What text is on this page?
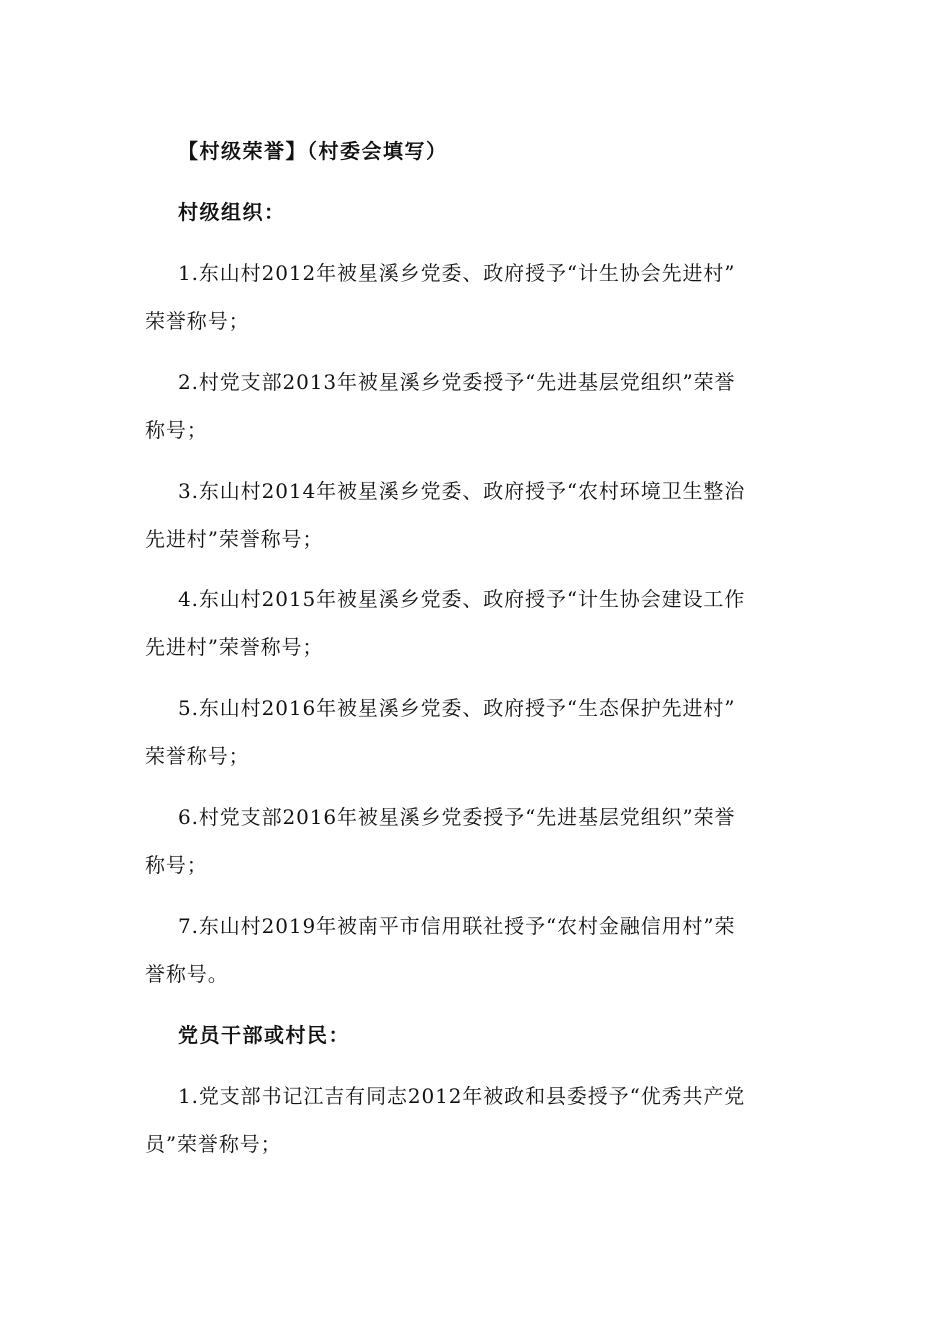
【村级荣誉】（村委会填写）
村级组织：
1.东山村2012年被星溪乡党委、政府授予“计生协会先进村”
荣誉称号；
2.村党支部2013年被星溪乡党委授予“先进基层党组织”荣誉
称号；
3.东山村2014年被星溪乡党委、政府授予“农村环境卫生整治
先进村”荣誉称号；
4.东山村2015年被星溪乡党委、政府授予“计生协会建设工作
先进村”荣誉称号；
5.东山村2016年被星溪乡党委、政府授予“生态保护先进村”
荣誉称号；
6.村党支部2016年被星溪乡党委授予“先进基层党组织”荣誉
称号；
7.东山村2019年被南平市信用联社授予“农村金融信用村”荣
誉称号。
党员干部或村民：
1.党支部书记江吉有同志2012年被政和县委授予“优秀共产党
员”荣誉称号；
